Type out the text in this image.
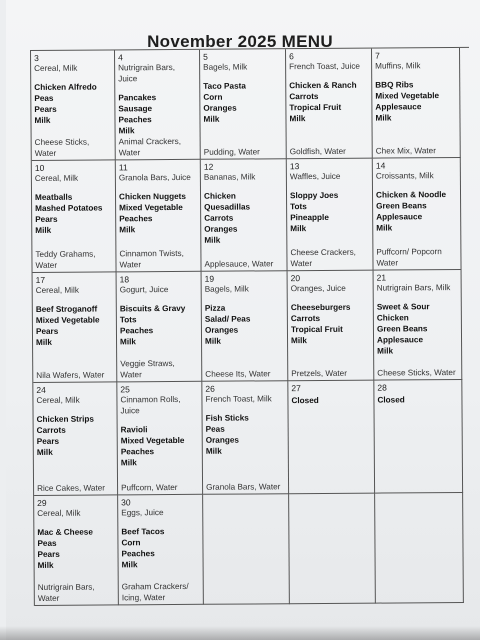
November 2025 MENU
3
Cereal, Milk
Chicken Alfredo
Peas
Pears
Milk
Cheese Sticks, Water
4
Nutrigrain Bars, Juice
Pancakes
Sausage
Peaches
Milk
Animal Crackers, Water
5
Bagels, Milk
Taco Pasta
Corn
Oranges
Milk
Pudding, Water
6
French Toast, Juice
Chicken & Ranch
Carrots
Tropical Fruit
Milk
Goldfish, Water
7
Muffins, Milk
BBQ Ribs
Mixed Vegetable
Applesauce
Milk
Chex Mix, Water
10
Cereal, Milk
Meatballs
Mashed Potatoes
Pears
Milk
Teddy Grahams, Water
11
Granola Bars, Juice
Chicken Nuggets
Mixed Vegetable
Peaches
Milk
Cinnamon Twists, Water
12
Bananas, Milk
Chicken Quesadillas
Carrots
Oranges
Milk
Applesauce, Water
13
Waffles, Juice
Sloppy Joes
Tots
Pineapple
Milk
Cheese Crackers, Water
14
Croissants, Milk
Chicken & Noodle
Green Beans
Applesauce
Milk
Puffcorn/ Popcorn Water
17
Cereal, Milk
Beef Stroganoff
Mixed Vegetable
Pears
Milk
Nila Wafers, Water
18
Gogurt, Juice
Biscuits & Gravy
Tots
Peaches
Milk
Veggie Straws, Water
19
Bagels, Milk
Pizza
Salad/ Peas
Oranges
Milk
Cheese Its, Water
20
Oranges, Juice
Cheeseburgers
Carrots
Tropical Fruit
Milk
Pretzels, Water
21
Nutrigrain Bars, Milk
Sweet & Sour Chicken
Green Beans
Applesauce
Milk
Cheese Sticks, Water
24
Cereal, Milk
Chicken Strips
Carrots
Pears
Milk
Rice Cakes, Water
25
Cinnamon Rolls, Juice
Ravioli
Mixed Vegetable
Peaches
Milk
Puffcorn, Water
26
French Toast, Milk
Fish Sticks
Peas
Oranges
Milk
Granola Bars, Water
27
Closed
28
Closed
29
Cereal, Milk
Mac & Cheese
Peas
Pears
Milk
Nutrigrain Bars, Water
30
Eggs, Juice
Beef Tacos
Corn
Peaches
Milk
Graham Crackers/ Icing, Water
